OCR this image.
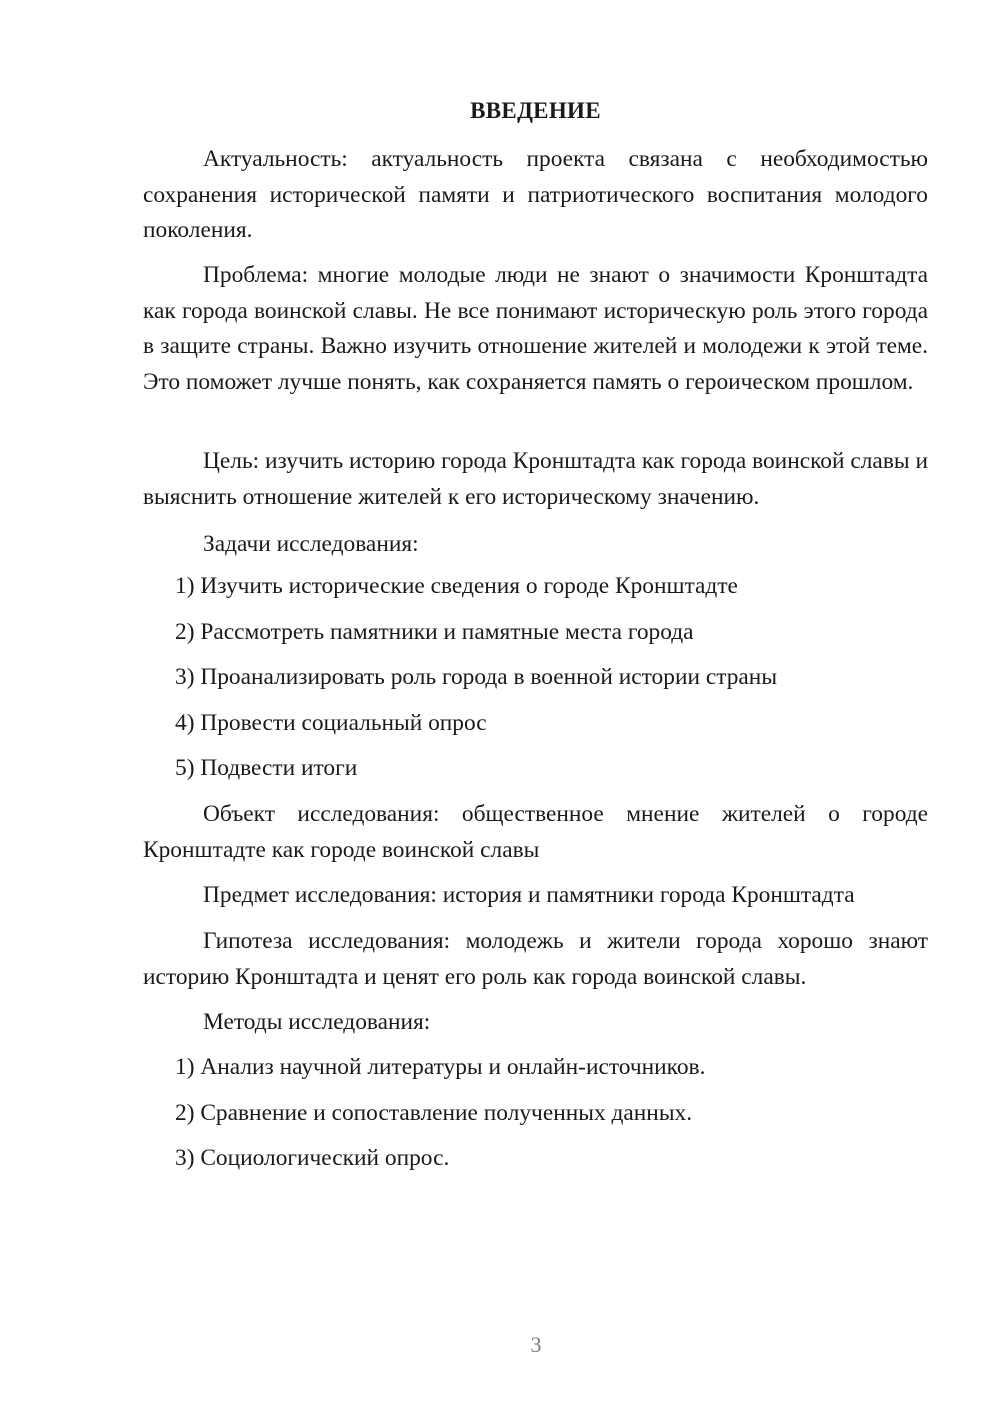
ВВЕДЕНИЕ

Актуальность: актуальность проекта связана с необходимостью сохранения исторической памяти и патриотического воспитания молодого поколения.

Проблема: многие молодые люди не знают о значимости Кронштадта как города воинской славы. Не все понимают историческую роль этого города в защите страны. Важно изучить отношение жителей и молодежи к этой теме. Это поможет лучше понять, как сохраняется память о героическом прошлом.

Цель: изучить историю города Кронштадта как города воинской славы и выяснить отношение жителей к его историческому значению.

Задачи исследования:

1) Изучить исторические сведения о городе Кронштадте

2) Рассмотреть памятники и памятные места города

3) Проанализировать роль города в военной истории страны

4) Провести социальный опрос

5) Подвести итоги

Объект исследования: общественное мнение жителей о городе Кронштадте как городе воинской славы

Предмет исследования: история и памятники города Кронштадта

Гипотеза исследования: молодежь и жители города хорошо знают историю Кронштадта и ценят его роль как города воинской славы.

Методы исследования:

1) Анализ научной литературы и онлайн-источников.

2) Сравнение и сопоставление полученных данных.

3) Социологический опрос.

3
